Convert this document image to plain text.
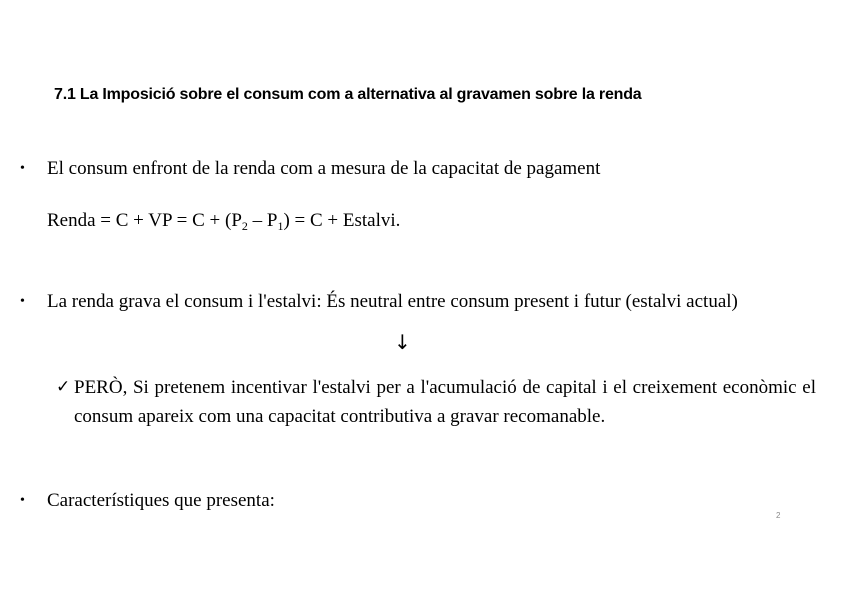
7.1 La Imposició sobre el consum com a alternativa al gravamen sobre la renda
• El consum enfront de la renda com a mesura de la capacitat de pagament
Renda = C + VP = $C + (P_2 - P_1) = C$ + Estalvi.
• La renda grava el consum i l'estalvi: És neutral entre consum present i futur (estalvi actual)
↓
✓ PERÒ, Si pretenem incentivar l'estalvi per a l'acumulació de capital i el creixement econòmic el consum apareix com una capacitat contributiva a gravar recomanable.
• Característiques que presenta:
2
